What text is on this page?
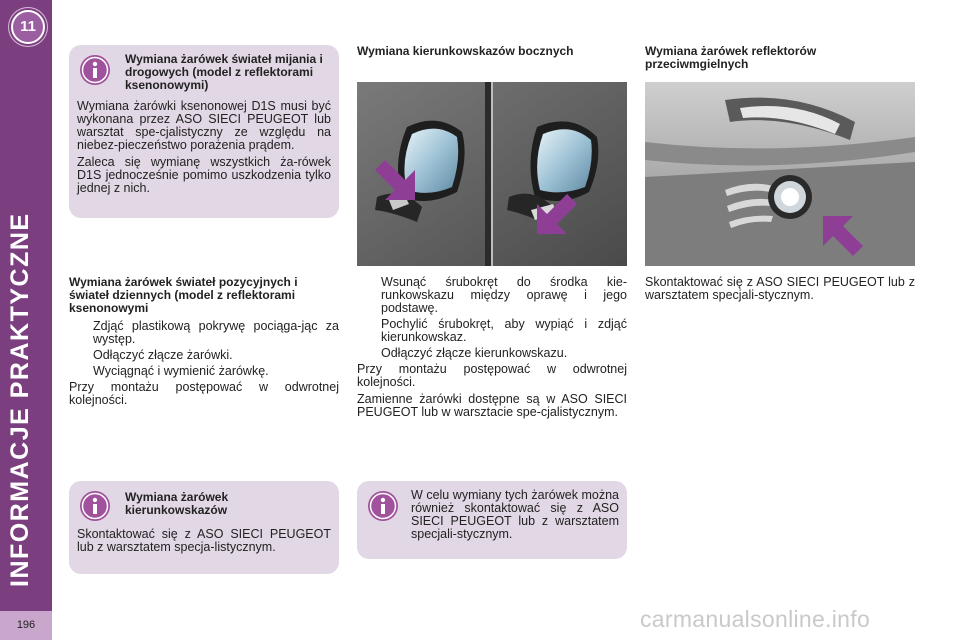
11
INFORMACJE PRAKTYCZNE
196
Wymiana żarówek świateł mijania i drogowych (model z reflektorami ksenonowymi)

Wymiana żarówki ksenonowej D1S musi być wykonana przez ASO SIECI PEUGEOT lub warsztat spe-cjalistyczny ze względu na niebez-pieczeństwo porażenia prądem.

Zaleca się wymianę wszystkich ża-rówek D1S jednocześnie pomimo uszkodzenia tylko jednej z nich.

Wymiana żarówek świateł pozycyjnych i świateł dziennych (model z reflektorami ksenonowymi
Zdjąć plastikową pokrywę pociąga-jąc za występ.
Odłączyć złącze żarówki.
Wyciągnąć i wymienić żarówkę.
Przy montażu postępować w odwrotnej kolejności.
Wymiana żarówek kierunkowskazów
Skontaktować się z ASO SIECI PEUGEOT lub z warsztatem specja-listycznym.
Wymiana kierunkowskazów bocznych
Wsunąć śrubokręt do środka kie-runkowskazu między oprawę i jego podstawę.
Pochylić śrubokręt, aby wypiąć i zdjąć kierunkowskaz.
Odłączyć złącze kierunkowskazu.

Przy montażu postępować w odwrotnej kolejności.

Zamienne żarówki dostępne są w ASO SIECI PEUGEOT lub w warsztacie spe-cjalistycznym.

W celu wymiany tych żarówek można również skontaktować się z ASO SIECI PEUGEOT lub z warsztatem specjali-stycznym.
Wymiana żarówek reflektorów przeciwmgielnych
Skontaktować się z ASO SIECI PEUGEOT lub z warsztatem specjali-stycznym.
carmanualsonline.info
